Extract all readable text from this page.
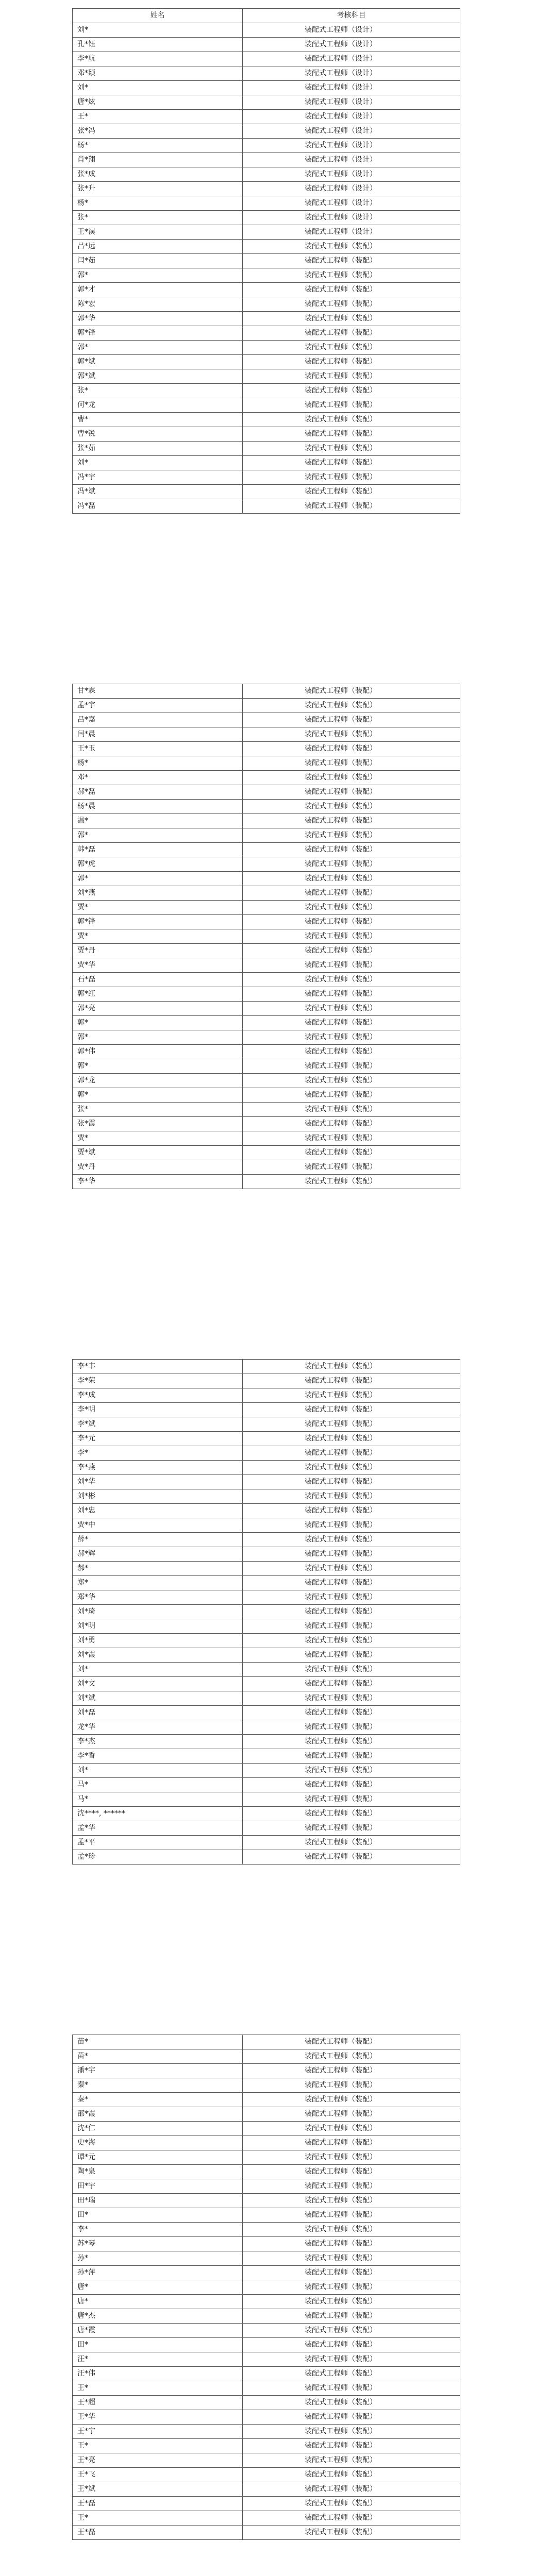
姓名	考核科目
刘*	装配式工程师（设计）
孔*钰	装配式工程师（设计）
李*航	装配式工程师（设计）
邓*颖	装配式工程师（设计）
刘*	装配式工程师（设计）
唐*炫	装配式工程师（设计）
王*	装配式工程师（设计）
张*冯	装配式工程师（设计）
杨*	装配式工程师（设计）
肖*翔	装配式工程师（设计）
张*成	装配式工程师（设计）
张*升	装配式工程师（设计）
杨*	装配式工程师（设计）
张*	装配式工程师（设计）
王*淏	装配式工程师（设计）
吕*远	装配式工程师（装配）
闫*茹	装配式工程师（装配）
郭*	装配式工程师（装配）
郭*才	装配式工程师（装配）
陈*宏	装配式工程师（装配）
郭*华	装配式工程师（装配）
郭*锋	装配式工程师（装配）
郭*	装配式工程师（装配）
郭*斌	装配式工程师（装配）
郭*斌	装配式工程师（装配）
张*	装配式工程师（装配）
何*龙	装配式工程师（装配）
曹*	装配式工程师（装配）
曹*锐	装配式工程师（装配）
张*茹	装配式工程师（装配）
刘*	装配式工程师（装配）
冯*宇	装配式工程师（装配）
冯*斌	装配式工程师（装配）
冯*磊	装配式工程师（装配）
甘*霖	装配式工程师（装配）
孟*宇	装配式工程师（装配）
吕*嘉	装配式工程师（装配）
闫*晨	装配式工程师（装配）
王*玉	装配式工程师（装配）
杨*	装配式工程师（装配）
邓*	装配式工程师（装配）
郝*磊	装配式工程师（装配）
杨*晨	装配式工程师（装配）
温*	装配式工程师（装配）
郭*	装配式工程师（装配）
韩*磊	装配式工程师（装配）
郭*虎	装配式工程师（装配）
郭*	装配式工程师（装配）
刘*燕	装配式工程师（装配）
贾*	装配式工程师（装配）
郭*锋	装配式工程师（装配）
贾*	装配式工程师（装配）
贾*丹	装配式工程师（装配）
贾*华	装配式工程师（装配）
石*磊	装配式工程师（装配）
郭*红	装配式工程师（装配）
郭*亮	装配式工程师（装配）
郭*	装配式工程师（装配）
郭*	装配式工程师（装配）
郭*伟	装配式工程师（装配）
郭*	装配式工程师（装配）
郭*龙	装配式工程师（装配）
郭*	装配式工程师（装配）
张*	装配式工程师（装配）
张*霞	装配式工程师（装配）
贾*	装配式工程师（装配）
贾*斌	装配式工程师（装配）
贾*丹	装配式工程师（装配）
李*华	装配式工程师（装配）
李*丰	装配式工程师（装配）
李*荣	装配式工程师（装配）
李*成	装配式工程师（装配）
李*明	装配式工程师（装配）
李*斌	装配式工程师（装配）
李*元	装配式工程师（装配）
李*	装配式工程师（装配）
李*燕	装配式工程师（装配）
刘*华	装配式工程师（装配）
刘*彬	装配式工程师（装配）
刘*忠	装配式工程师（装配）
贾*中	装配式工程师（装配）
薛*	装配式工程师（装配）
郝*辉	装配式工程师（装配）
郝*	装配式工程师（装配）
郑*	装配式工程师（装配）
郑*华	装配式工程师（装配）
刘*琦	装配式工程师（装配）
刘*明	装配式工程师（装配）
刘*勇	装配式工程师（装配）
刘*霞	装配式工程师（装配）
刘*	装配式工程师（装配）
刘*文	装配式工程师（装配）
刘*斌	装配式工程师（装配）
刘*磊	装配式工程师（装配）
龙*华	装配式工程师（装配）
李*杰	装配式工程师（装配）
李*香	装配式工程师（装配）
刘*	装配式工程师（装配）
马*	装配式工程师（装配）
马*	装配式工程师（装配）
沈****, ******	装配式工程师（装配）
孟*华	装配式工程师（装配）
孟*平	装配式工程师（装配）
孟*珍	装配式工程师（装配）
苗*	装配式工程师（装配）
苗*	装配式工程师（装配）
潘*宇	装配式工程师（装配）
秦*	装配式工程师（装配）
秦*	装配式工程师（装配）
邵*霞	装配式工程师（装配）
沈*仁	装配式工程师（装配）
史*海	装配式工程师（装配）
谭*元	装配式工程师（装配）
陶*泉	装配式工程师（装配）
田*宇	装配式工程师（装配）
田*瑞	装配式工程师（装配）
田*	装配式工程师（装配）
李*	装配式工程师（装配）
苏*琴	装配式工程师（装配）
孙*	装配式工程师（装配）
孙*萍	装配式工程师（装配）
唐*	装配式工程师（装配）
唐*	装配式工程师（装配）
唐*杰	装配式工程师（装配）
唐*霞	装配式工程师（装配）
田*	装配式工程师（装配）
汪*	装配式工程师（装配）
汪*伟	装配式工程师（装配）
王*	装配式工程师（装配）
王*超	装配式工程师（装配）
王*华	装配式工程师（装配）
王*宁	装配式工程师（装配）
王*	装配式工程师（装配）
王*亮	装配式工程师（装配）
王*飞	装配式工程师（装配）
王*斌	装配式工程师（装配）
王*磊	装配式工程师（装配）
王*	装配式工程师（装配）
王*磊	装配式工程师（装配）
